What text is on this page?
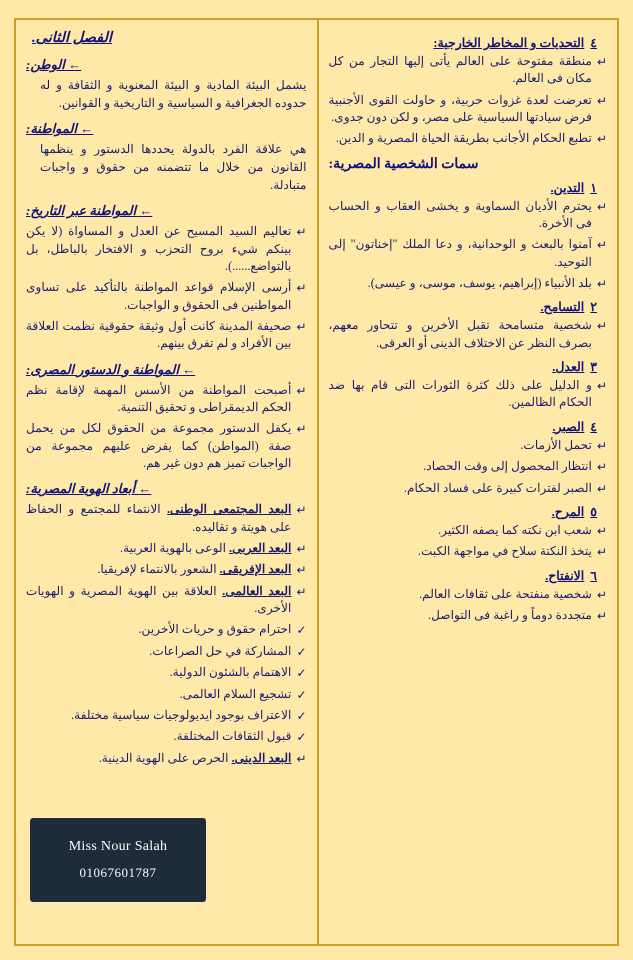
٤
التحديات و المخاطر الخارجية:
↵
منطقة مفتوحة على العالم يأتى إليها التجار من كل مكان فى العالم.
↵
تعرضت لعدة غزوات حربية، و حاولت القوى الأجنبية فرض سيادتها السياسية على مصر، و لكن دون جدوى.
↵
تطبع الحكام الأجانب بطريقة الحياة المصرية و الدين.
سمات الشخصية المصرية:
١
التدين.
↵
يحترم الأديان السماوية و يخشى العقاب و الحساب فى الأخرة.
↵
آمنوا بالبعث و الوحدانية، و دعا الملك "إخناتون" إلى التوحيد.
↵
بلد الأنبياء (إبراهيم، يوسف، موسى، و عيسى).
٢
التسامح.
↵
شخصية متسامحة تقبل الأخرين و تتحاور معهم، بصرف النظر عن الاختلاف الدينى أو العرقى.
٣
العدل.
↵
و الدليل على ذلك كثرة الثورات التى قام بها ضد الحكام الظالمين.
٤
الصبر.
↵
تحمل الأزمات.
↵
انتظار المحصول إلى وقت الحصاد.
↵
الصبر لفترات كبيرة على فساد الحكام.
٥
المرح.
↵
شعب ابن نكته كما يصفه الكثير.
↵
يتخذ النكتة سلاح في مواجهة الكبت.
٦
الانفتاح.
↵
شخصية منفتحة على ثقافات العالم.
↵
متجددة دوماً و راغبة فى التواصل.
Miss Nour Salah
01067601787
الفصل الثانى.
← الوطن:
يشمل البيئة المادية و البيئة المعنوية و الثقافة و له حدوده الجغرافية و السياسية و التاريخية و القوانين.
← المواطنة:
هي علاقة الفرد بالدولة يحددها الدستور و ينظمها القانون من خلال ما تتضمنه من حقوق و واجبات متبادلة.
← المواطنة عبر التاريخ:
↵
تعاليم السيد المسيح عن العدل و المساواة (لا يكن بينكم شيء بروح التحزب و الافتخار بالباطل، بل بالتواضع......).
↵
أرسى الإسلام قواعد المواطنة بالتأكيد على تساوى المواطنين فى الحقوق و الواجبات.
↵
صحيفة المدينة كانت أول وثيقة حقوقية نظمت العلاقة بين الأفراد و لم تفرق بينهم.
← المواطنة و الدستور المصرى:
↵
أصبحت المواطنة من الأسس المهمة لإقامة نظم الحكم الديمقراطى و تحقيق التنمية.
↵
يكفل الدستور مجموعة من الحقوق لكل من يحمل صفة (المواطن) كما يفرض عليهم مجموعة من الواجبات تميز هم دون غير هم.
← أبعاد الهوية المصرية:
↵
البعد المجتمعى الوطنى. الانتماء للمجتمع و الحفاظ على هويتة و تقاليده.
↵
البعد العربى. الوعى بالهوية العربية.
↵
البعد الإفريقى. الشعور بالانتماء لإفريقيا.
↵
البعد العالمى. العلاقة بين الهوية المصرية و الهويات الأخرى.
✓
احترام حقوق و حريات الأخرين.
✓
المشاركة في حل الصراعات.
✓
الاهتمام بالشئون الدولية.
✓
تشجيع السلام العالمى.
✓
الاعتراف بوجود ايديولوجيات سياسية مختلفة.
✓
قبول الثقافات المختلفة.
↵
البعد الدينى. الحرص على الهوية الدينية.
